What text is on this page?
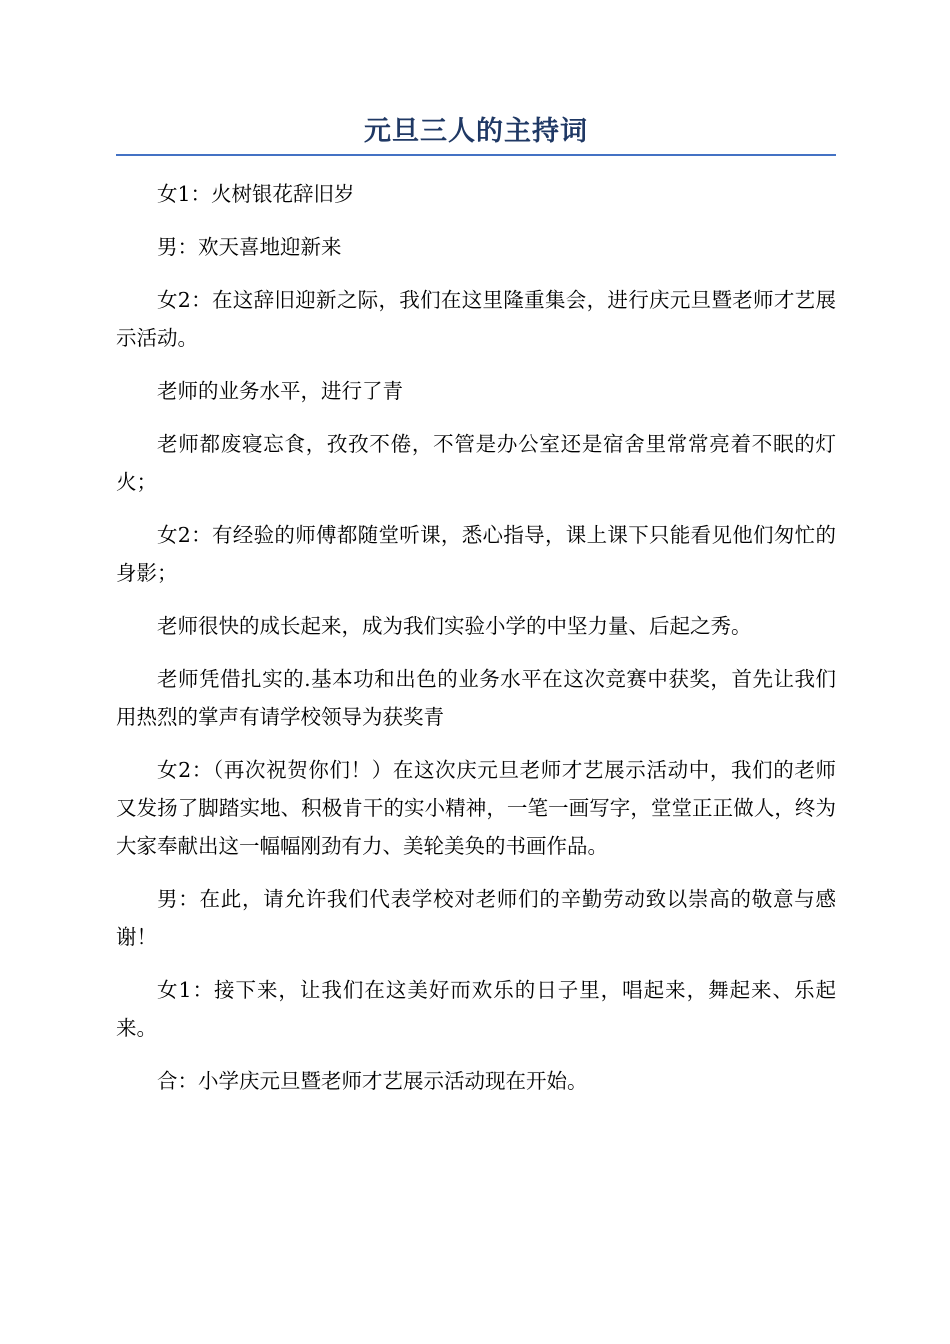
元旦三人的主持词

女1：火树银花辞旧岁

男：欢天喜地迎新来

女2：在这辞旧迎新之际，我们在这里隆重集会，进行庆元旦暨老师才艺展示活动。

老师的业务水平，进行了青

老师都废寝忘食，孜孜不倦，不管是办公室还是宿舍里常常亮着不眠的灯火；

女2：有经验的师傅都随堂听课，悉心指导，课上课下只能看见他们匆忙的身影；

老师很快的成长起来，成为我们实验小学的中坚力量、后起之秀。

老师凭借扎实的.基本功和出色的业务水平在这次竞赛中获奖，首先让我们用热烈的掌声有请学校领导为获奖青

女2：（再次祝贺你们！）在这次庆元旦老师才艺展示活动中，我们的老师又发扬了脚踏实地、积极肯干的实小精神，一笔一画写字，堂堂正正做人，终为大家奉献出这一幅幅刚劲有力、美轮美奂的书画作品。

男：在此，请允许我们代表学校对老师们的辛勤劳动致以崇高的敬意与感谢！

女1：接下来，让我们在这美好而欢乐的日子里，唱起来，舞起来、乐起来。

合：小学庆元旦暨老师才艺展示活动现在开始。
